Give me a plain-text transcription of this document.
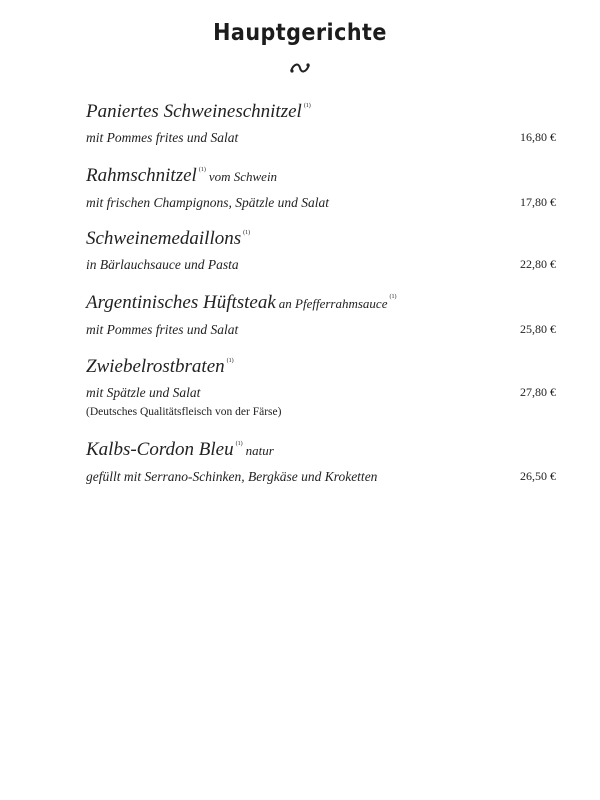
Hauptgerichte
Paniertes Schweineschnitzel $^{(1)}$
mit Pommes frites und Salat	16,80 €
Rahmschnitzel $^{(1)}$ vom Schwein
mit frischen Champignons, Spätzle und Salat	17,80 €
Schweinemedaillons $^{(1)}$
in Bärlauchsauce und Pasta	22,80 €
Argentinisches Hüftsteak an Pfefferrahmsauce $^{(1)}$
mit Pommes frites und Salat	25,80 €
Zwiebelrostbraten $^{(1)}$
mit Spätzle und Salat	27,80 €
(Deutsches Qualitätsfleisch von der Färse)
Kalbs-Cordon Bleu $^{(1)}$ natur
gefüllt mit Serrano-Schinken, Bergkäse und Kroketten	26,50 €
